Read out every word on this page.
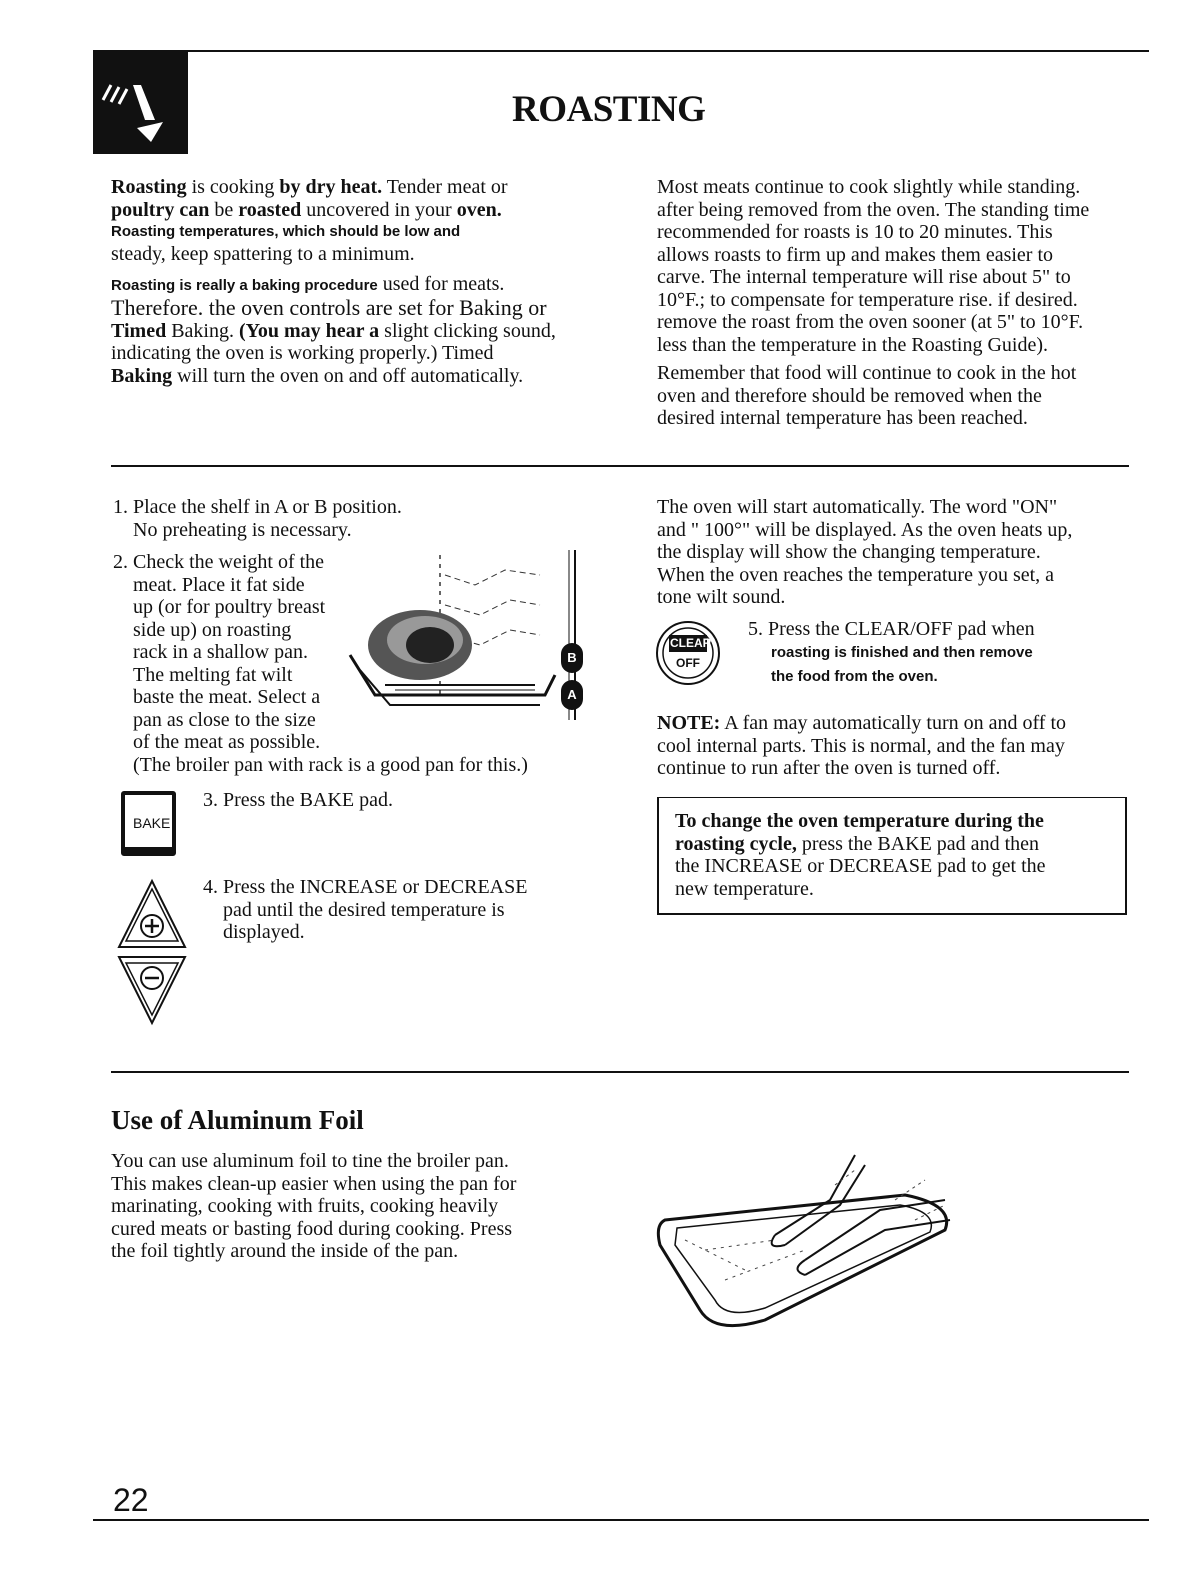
ROASTING

Roasting is cooking by dry heat. Tender meat or

poultry can be roasted uncovered in your oven.

Roasting temperatures, which should be low and

steady, keep spattering to a minimum.

Roasting is really a baking procedure used for meats.

Therefore. the oven controls are set for Baking or

Timed Baking. (You may hear a slight clicking sound,

indicating the oven is working properly.) Timed

Baking will turn the oven on and off automatically.

Most meats continue to cook slightly while standing.

after being removed from the oven. The standing time

recommended for roasts is 10 to 20 minutes. This

allows roasts to firm up and makes them easier to

carve. The internal temperature will rise about 5" to

10°F.; to compensate for temperature rise. if desired.

remove the roast from the oven sooner (at 5" to 10°F.

less than the temperature in the Roasting Guide).

Remember that food will continue to cook in the hot

oven and therefore should be removed when the

desired internal temperature has been reached.

1. Place the shelf in A or B position.

No preheating is necessary.

2. Check the weight of the

meat. Place it fat side

up (or for poultry breast

side up) on roasting

rack in a shallow pan.

The melting fat wilt

baste the meat. Select a

pan as close to the size

of the meat as possible.

(The broiler pan with rack is a good pan for this.)

B
A
BAKE
3. Press the BAKE pad.

4. Press the INCREASE or DECREASE

pad until the desired temperature is

displayed.

The oven will start automatically. The word "ON"

and " 100°" will be displayed. As the oven heats up,

the display will show the changing temperature.

When the oven reaches the temperature you set, a

tone wilt sound.

CLEAR
OFF

5. Press the CLEAR/OFF pad when

roasting is finished and then remove

the food from the oven.

NOTE: A fan may automatically turn on and off to

cool internal parts. This is normal, and the fan may

continue to run after the oven is turned off.

To change the oven temperature during the

roasting cycle, press the BAKE pad and then

the INCREASE or DECREASE pad to get the

new temperature.

Use of Aluminum Foil

You can use aluminum foil to tine the broiler pan.

This makes clean-up easier when using the pan for

marinating, cooking with fruits, cooking heavily

cured meats or basting food during cooking. Press

the foil tightly around the inside of the pan.

22
